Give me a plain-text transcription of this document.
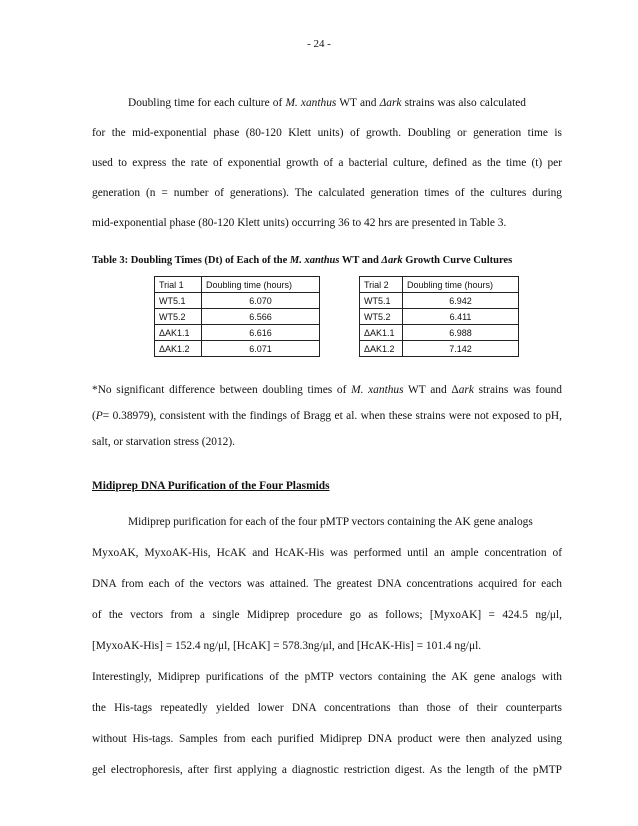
- 24 -
Doubling time for each culture of M. xanthus WT and Δark strains was also calculated
for the mid-exponential phase (80-120 Klett units) of growth. Doubling or generation time is
used to express the rate of exponential growth of a bacterial culture, defined as the time (t) per
generation (n = number of generations). The calculated generation times of the cultures during
mid-exponential phase (80-120 Klett units) occurring 36 to 42 hrs are presented in Table 3.
Table 3: Doubling Times (Dt) of Each of the M. xanthus WT and Δark Growth Curve Cultures
Trial 1	Doubling time (hours)
WT5.1	6.070
WT5.2	6.566
ΔAK1.1	6.616
ΔAK1.2	6.071
Trial 2	Doubling time (hours)
WT5.1	6.942
WT5.2	6.411
ΔAK1.1	6.988
ΔAK1.2	7.142
*No significant difference between doubling times of M. xanthus WT and Δark strains was found
(P= 0.38979), consistent with the findings of Bragg et al. when these strains were not exposed to pH,
salt, or starvation stress (2012).
Midiprep DNA Purification of the Four Plasmids
Midiprep purification for each of the four pMTP vectors containing the AK gene analogs
MyxoAK, MyxoAK-His, HcAK and HcAK-His was performed until an ample concentration of
DNA from each of the vectors was attained. The greatest DNA concentrations acquired for each
of the vectors from a single Midiprep procedure go as follows; [MyxoAK] = 424.5 ng/μl,
[MyxoAK-His] = 152.4 ng/μl, [HcAK] = 578.3ng/μl, and [HcAK-His] = 101.4 ng/μl.
Interestingly, Midiprep purifications of the pMTP vectors containing the AK gene analogs with
the His-tags repeatedly yielded lower DNA concentrations than those of their counterparts
without His-tags. Samples from each purified Midiprep DNA product were then analyzed using
gel electrophoresis, after first applying a diagnostic restriction digest. As the length of the pMTP
